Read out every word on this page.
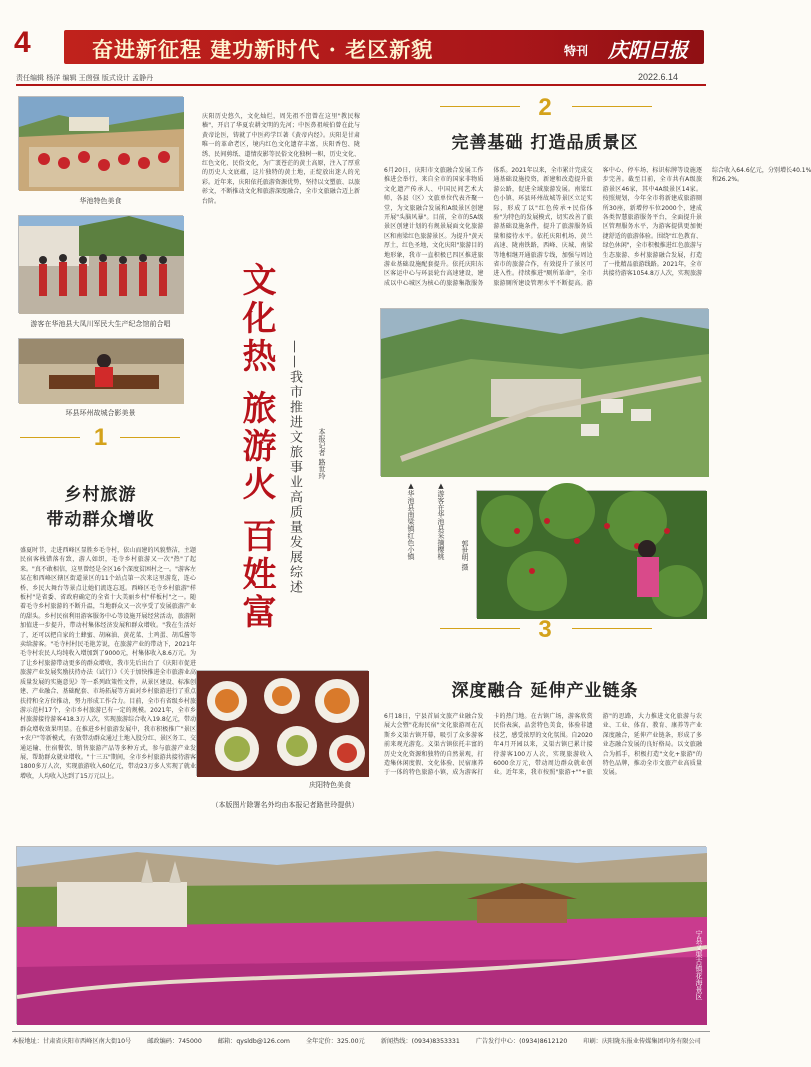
4	奋进新征程 建功新时代 · 老区新貌	特刊 庆阳日报
责任编辑 杨洋 编辑 王茵强 版式设计 孟静丹	2022.6.14
华池特色美食
游客在华池县大凤川军民大生产纪念馆前合唱
环县环州故城合影美景
1
乡村旅游
带动群众增收
盛夏时节，走进西峰区显胜乡毛寺村，依山而建的风貌整洁，主题民宿客栈错落有致，游人如织，毛寺乡村旅游又一次"热"了起来。"真不敢相信，这里曾经是全区16个深度贫困村之一。"游客左某在和西峰区辖区街道景区的11个站点第一次来这里游览，连心桥、乡民大舞台等景点让她们流连忘返。西峰区毛寺乡村旅游"样板村"是省委、省政府确定的全省十大美丽乡村"样板村"之一。随着毛寺乡村旅游的不断升温，当地群众又一次享受了发展旅游产业的甜头。乡村民宿利用游客服务中心等设施开展经营活动，旅游附加值进一步提升，带动村集体经济发展和群众增收。"我在生活好了，还可以把自家的土蜂蜜、胡麻油、黄花菜、土鸡蛋、胡瓜酱等卖给游客。"毛寺村村民毛艳芳说，在旅游产业的带动下，2021年毛寺村农民人均纯收入增加到了9000元，村集体收入8.6万元。为了让乡村旅游带动更多的群众增收，我市先后出台了《庆阳市促进旅游产业发展奖励扶持办法（试行）》《关于加快推进全市旅游业高质量发展的实施意见》等一系列政策性文件，从景区建设、标准创建、产业融合、基础配套、市场拓展等方面对乡村旅游进行了重点扶持和全方位推动，努力形成工作合力。目前，全市有省级乡村旅游示范村17个，全市乡村旅游已有一定的规模。2021年，全市乡村旅游接待游客418.3万人次，实现旅游综合收入19.8亿元，带动群众增收效果明显。在推进乡村旅游发展中，我市积极推广"景区+农户"等新模式，有效带动群众通过土地入股分红、景区务工、交通运输、住宿餐饮、销售旅游产品等多种方式，参与旅游产业发展，帮助群众就业增收。"十三五"期间，全市乡村旅游共接待游客1800多万人次，实现旅游收入60亿元，带动23万多人实现了就业增收，人均收入达到了15万元以上。
庆阳历史悠久，文化灿烂，周先祖不窋曾在这里"教民稼穑"，开启了华夏农耕文明的先河；中医鼻祖岐伯曾在此与黄帝论医，铸就了中医药学巨著《黄帝内经》。庆阳是甘肃唯一的革命老区，境内红色文化遗存丰富，庆阳香包、陇绣、民间剪纸、道情皮影等民俗文化独树一帜，历史文化、红色文化、民俗文化，为广袤苍茫的黄土高原，注入了厚重的历史人文底蕴，这片独特的黄土地，正绽放出迷人的光彩。近年来，庆阳依托旅游资源优势，坚持以文塑旅、以旅彰文，不断推动文化和旅游深度融合，全市文旅融合迈上新台阶。
文化热
旅游火
百姓富 ——我市推进文旅事业高质量发展综述 本报记者 路世玲
庆阳特色美食
（本版图片除署名外均由本报记者路世玲提供）
2
完善基础 打造品质景区
6月20日，庆阳市文旅融合发展工作推进会举行，来自全市的国家非物质文化遗产传承人、中国民间艺术大师、各县（区）文旅单位代表齐聚一堂，为文旅融合发展和A级景区创建开展"头脑风暴"。目前，全市的5A级景区创建计划的有规景展面文化旅游区和南梁红色旅游景区。为提升"黄天厚土，红色圣地，文化庆阳"旅游目的地形象，我市一直积极已四区推进旅游业基础设施配套提升。依托庆阳东区客运中心与环县轮台高速建设，建成以中心城区为核心的旅游集散服务体系。2021年以来，全市累计完成交通基础设施投资，新建和改造提升旅游公路，促进全域旅游发展。南梁红色小镇、环县环州故城等景区立足实际，形成了以"红色传承+民俗体验"为特色的发展模式，切实改善了旅游基础设施条件，提升了旅游服务质量和接待水平。依托庆阳机场、黄兰高速、陇南铁路，西峰、庆城、南梁等地相继开通旅游专线，加强与周边省市的旅游合作，有效提升了景区可进入性。持续推进"厕所革命"，全市旅游厕所建设管理水平不断提高。游客中心、停车场、标识标牌等设施逐步完善。截至目前，全市共有A级旅游景区46家，其中4A级景区14家。按照规划，今年全市将新建成旅游厕所30座，新增停车位2000个，建成各类智慧旅游服务平台，全面提升景区管理服务水平，为游客提供更加便捷舒适的旅游体验。围绕"红色教育、绿色休闲"，全市积极推进红色旅游与生态旅游、乡村旅游融合发展，打造了一批精品旅游线路。2021年，全市共接待游客1054.8万人次，实现旅游综合收入64.6亿元，分别增长40.1%和26.2%。
▲华池县南梁镇红色小镇	▲游客在华池县采摘樱桃 郭世明 摄
3
深度融合 延伸产业链条
6月18日，宁县首届文旅产业融合发展大会暨"花海民宿"文化旅游周在瓦斯乡义渠古镇开幕，吸引了众多游客前来观光游览。义渠古镇依托丰富的历史文化资源和独特的自然景观，打造集休闲度假、文化体验、民宿康养于一体的特色旅游小镇，成为游客打卡的热门地。在古镇广场，游客欣赏民俗表演，品尝特色美食，体验非遗技艺，感受浓厚的文化氛围。自2020年4月开园以来，义渠古镇已累计接待游客100万人次，实现旅游收入6000余万元，带动周边群众就业创业。近年来，我市按照"旅游+""+旅游"的思路，大力推进文化旅游与农业、工业、体育、教育、康养等产业深度融合，延伸产业链条，形成了多业态融合发展的良好格局。以文旅融合为抓手，积极打造"文化+旅游"的特色品牌，推动全市文旅产业高质量发展。
宁县义渠古镇花海景区
本报地址：甘肃省庆阳市西峰区南大街10号	邮政编码：745000	邮箱：qysldb@126.com	全年定价：325.00元	新闻热线：(0934)8353331	广告发行中心：(0934)8612120	印刷：庆阳陇东报业传媒集团印务有限公司
